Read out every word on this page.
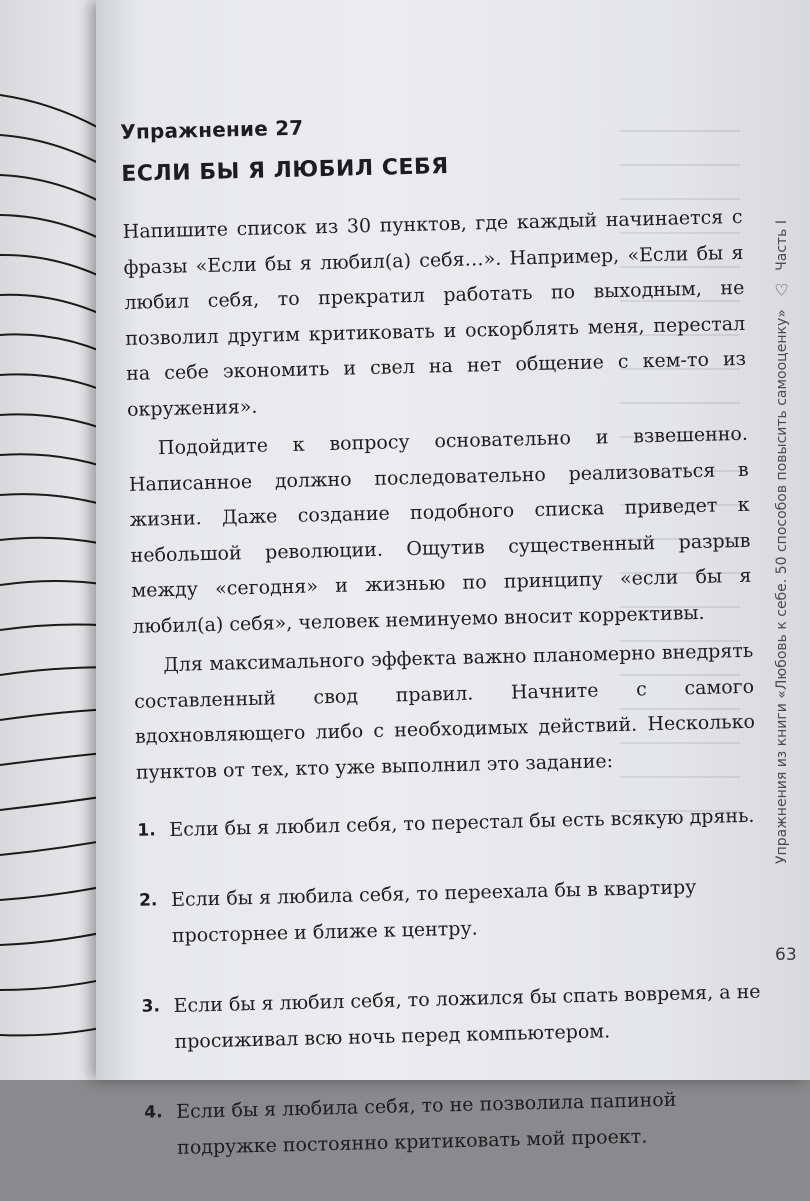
Упражнение 27
ЕСЛИ БЫ Я ЛЮБИЛ СЕБЯ

Напишите список из 30 пунктов, где каждый начинается с фразы «Если бы я любил(а) себя…». Например, «Если бы я любил себя, то прекратил работать по выходным, не позволил другим критиковать и оскорблять меня, перестал на себе экономить и свел на нет общение с кем-то из окружения».

Подойдите к вопросу основательно и взвешенно. Написанное должно последовательно реализоваться в жизни. Даже создание подобного списка приведет к небольшой революции. Ощутив существенный разрыв между «сегодня» и жизнью по принципу «если бы я любил(а) себя», человек неминуемо вносит коррективы.

Для максимального эффекта важно планомерно внедрять составленный свод правил. Начните с самого вдохновляющего либо с необходимых действий. Несколько пунктов от тех, кто уже выполнил это задание:

1. Если бы я любил себя, то перестал бы есть всякую дрянь.
2. Если бы я любила себя, то переехала бы в квартиру просторнее и ближе к центру.
3. Если бы я любил себя, то ложился бы спать вовремя, а не просиживал всю ночь перед компьютером.
4. Если бы я любила себя, то не позволила папиной подружке постоянно критиковать мой проект.
Часть I
♡
Упражнения из книги «Любовь к себе. 50 способов повысить самооценку»
63
